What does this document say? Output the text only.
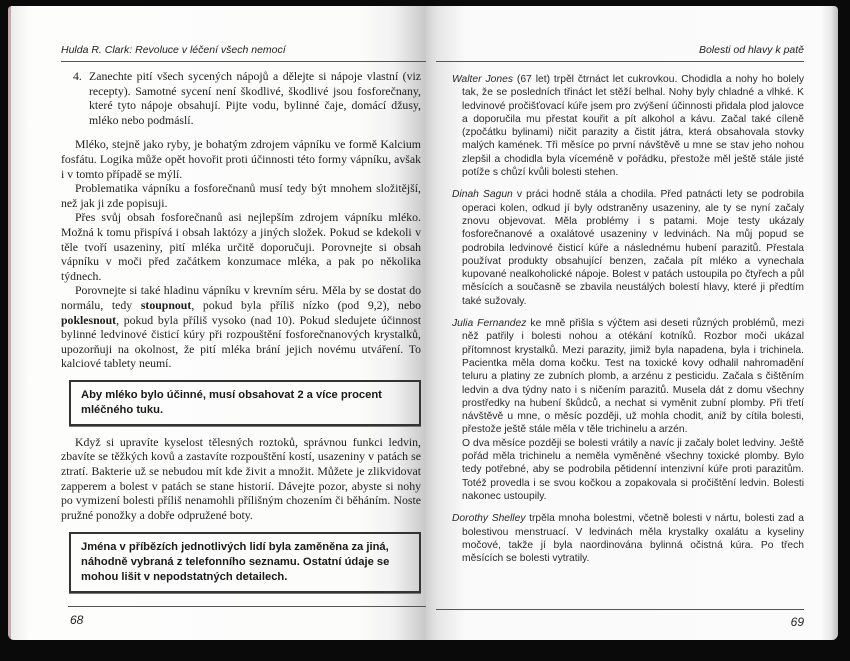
Hulda R. Clark: Revoluce v léčení všech nemocí

4. Zanechte pití všech sycených nápojů a dělejte si nápoje vlastní (viz recepty). Samotné sycení není škodlivé, škodlivé jsou fosforečnany, které tyto nápoje obsahují. Pijte vodu, bylinné čaje, domácí džusy, mléko nebo podmáslí.

Mléko, stejně jako ryby, je bohatým zdrojem vápníku ve formě Kalcium fosfátu. Logika může opět hovořit proti účinnosti této formy vápníku, avšak i v tomto případě se mýlí.

Problematika vápníku a fosforečnanů musí tedy být mnohem složitější, než jak ji zde popisuji.

Přes svůj obsah fosforečnanů asi nejlepším zdrojem vápníku mléko. Možná k tomu přispívá i obsah laktózy a jiných složek. Pokud se kdekoli v těle tvoří usazeniny, pití mléka určitě doporučuji. Porovnejte si obsah vápníku v moči před začátkem konzumace mléka, a pak po několika týdnech.

Porovnejte si také hladinu vápníku v krevním séru. Měla by se dostat do normálu, tedy stoupnout, pokud byla příliš nízko (pod 9,2), nebo poklesnout, pokud byla příliš vysoko (nad 10). Pokud sledujete účinnost bylinné ledvinové čisticí kúry při rozpouštění fosforečnanových krystalků, upozorňuji na okolnost, že pití mléka brání jejich novému utváření. To kalciové tablety neumí.

Aby mléko bylo účinné, musí obsahovat 2 a více procent mléčného tuku.

Když si upravíte kyselost tělesných roztoků, správnou funkci ledvin, zbavíte se těžkých kovů a zastavíte rozpouštění kostí, usazeniny v patách se ztratí. Bakterie už se nebudou mít kde živit a množit. Můžete je zlikvidovat zapperem a bolest v patách se stane historií. Dávejte pozor, abyste si nohy po vymizení bolesti příliš nenamohli přílišným chozením či běháním. Noste pružné ponožky a dobře odpružené boty.

Jména v příbězích jednotlivých lidí byla zaměněna za jiná, náhodně vybraná z telefonního seznamu. Ostatní údaje se mohou lišit v nepodstatných detailech.
68
Bolesti od hlavy k patě

Walter Jones (67 let) trpěl čtrnáct let cukrovkou. Chodidla a nohy ho bolely tak, že se posledních třináct let stěží belhal. Nohy byly chladné a vlhké. K ledvinové pročišťovací kúře jsem pro zvýšení účinnosti přidala plod jalovce a doporučila mu přestat kouřit a pít alkohol a kávu. Začal také cíleně (zpočátku bylinami) ničit parazity a čistit játra, která obsahovala stovky malých kamének. Tři měsíce po první návštěvě u mne se stav jeho nohou zlepšil a chodidla byla víceméně v pořádku, přestože měl ještě stále jisté potíže s chůzí kvůli bolesti stehen.

Dinah Sagun v práci hodně stála a chodila. Před patnácti lety se podrobila operaci kolen, odkud jí byly odstraněny usazeniny, ale ty se nyní začaly znovu objevovat. Měla problémy i s patami. Moje testy ukázaly fosforečnanové a oxalátové usazeniny v ledvinách. Na můj popud se podrobila ledvinové čisticí kúře a následnému hubení parazitů. Přestala používat produkty obsahující benzen, začala pít mléko a vynechala kupované nealkoholické nápoje. Bolest v patách ustoupila po čtyřech a půl měsících a současně se zbavila neustálých bolestí hlavy, které ji předtím také sužovaly.

Julia Fernandez ke mně přišla s výčtem asi deseti různých problémů, mezi něž patřily i bolesti nohou a otékání kotníků. Rozbor moči ukázal přítomnost krystalků. Mezi parazity, jimiž byla napadena, byla i trichinela. Pacientka měla doma kočku. Test na toxické kovy odhalil nahromadění teluru a platiny ze zubních plomb, a arzénu z pesticidu. Začala s čištěním ledvin a dva týdny nato i s ničením parazitů. Musela dát z domu všechny prostředky na hubení škůdců, a nechat si vyměnit zubní plomby. Při třetí návštěvě u mne, o měsíc později, už mohla chodit, aniž by cítila bolesti, přestože ještě stále měla v těle trichinelu a arzén.

O dva měsíce později se bolesti vrátily a navíc ji začaly bolet ledviny. Ještě pořád měla trichinelu a neměla vyměněné všechny toxické plomby. Bylo tedy potřebné, aby se podrobila pětidenní intenzivní kúře proti parazitům. Totéž provedla i se svou kočkou a zopakovala si pročištění ledvin. Bolesti nakonec ustoupily.

Dorothy Shelley trpěla mnoha bolestmi, včetně bolesti v nártu, bolesti zad a bolestivou menstruací. V ledvinách měla krystalky oxalátu a kyseliny močové, takže jí byla naordinována bylinná očistná kúra. Po třech měsících se bolesti vytratily.

69
